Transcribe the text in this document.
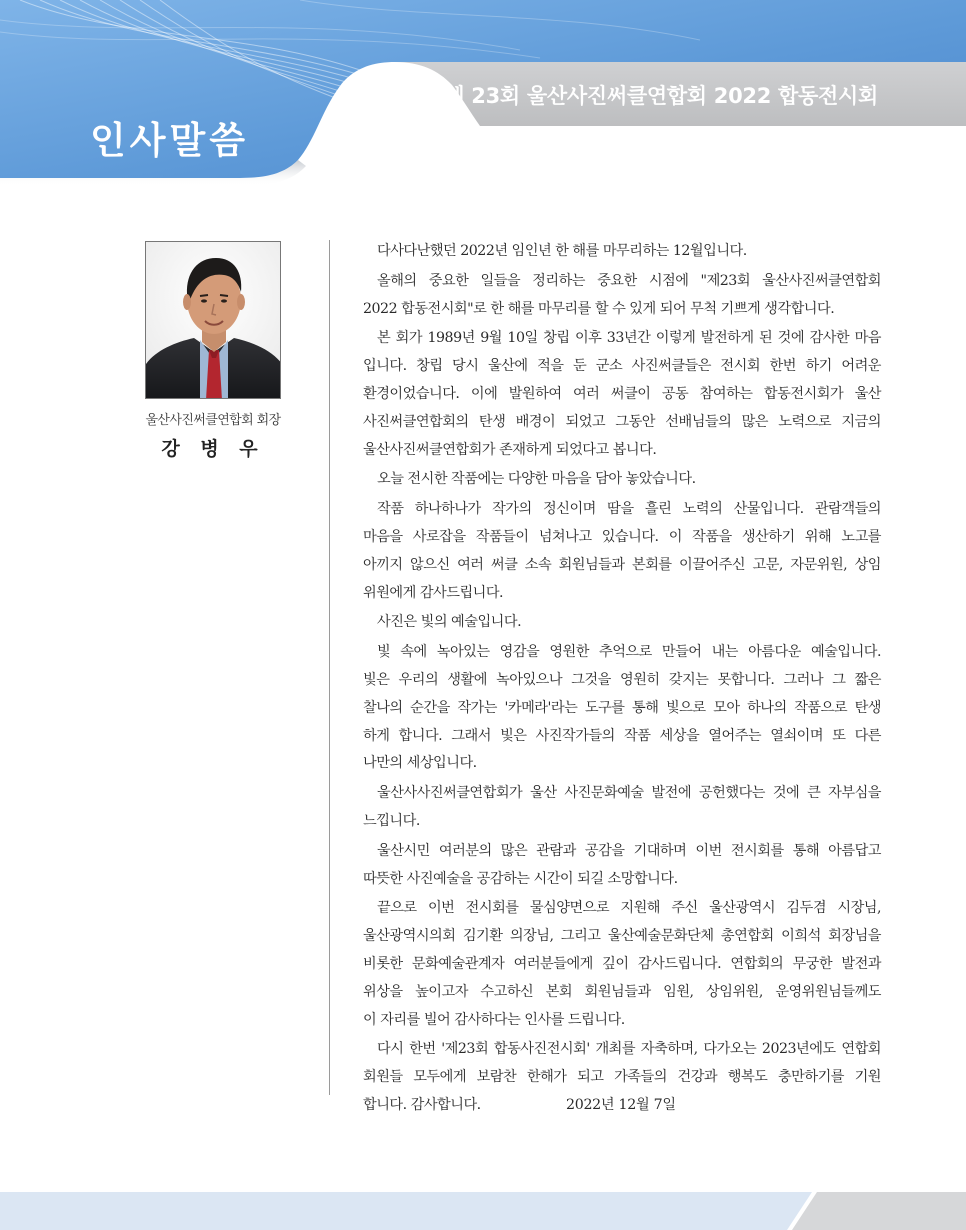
제 23회 울산사진써클연합회 2022 합동전시회
인사말씀
울산사진써클연합회 회장
강 병 우
다사다난했던 2022년 임인년 한 해를 마무리하는 12월입니다.
올해의 중요한 일들을 정리하는 중요한 시점에 "제23회 울산사진써클연합회
2022 합동전시회"로 한 해를 마무리를 할 수 있게 되어 무척 기쁘게 생각합니다.
본 회가 1989년 9월 10일 창립 이후 33년간 이렇게 발전하게 된 것에 감사한 마음
입니다. 창립 당시 울산에 적을 둔 군소 사진써클들은 전시회 한번 하기 어려운
환경이었습니다. 이에 발원하여 여러 써클이 공동 참여하는 합동전시회가 울산
사진써클연합회의 탄생 배경이 되었고 그동안 선배님들의 많은 노력으로 지금의
울산사진써클연합회가 존재하게 되었다고 봅니다.
오늘 전시한 작품에는 다양한 마음을 담아 놓았습니다.
작품 하나하나가 작가의 정신이며 땀을 흘린 노력의 산물입니다. 관람객들의
마음을 사로잡을 작품들이 넘쳐나고 있습니다. 이 작품을 생산하기 위해 노고를
아끼지 않으신 여러 써클 소속 회원님들과 본회를 이끌어주신 고문, 자문위원, 상임
위원에게 감사드립니다.
사진은 빛의 예술입니다.
빛 속에 녹아있는 영감을 영원한 추억으로 만들어 내는 아름다운 예술입니다.
빛은 우리의 생활에 녹아있으나 그것을 영원히 갖지는 못합니다. 그러나 그 짧은
찰나의 순간을 작가는 '카메라'라는 도구를 통해 빛으로 모아 하나의 작품으로 탄생
하게 합니다. 그래서 빛은 사진작가들의 작품 세상을 열어주는 열쇠이며 또 다른
나만의 세상입니다.
울산사사진써클연합회가 울산 사진문화예술 발전에 공헌했다는 것에 큰 자부심을
느낍니다.
울산시민 여러분의 많은 관람과 공감을 기대하며 이번 전시회를 통해 아름답고
따뜻한 사진예술을 공감하는 시간이 되길 소망합니다.
끝으로 이번 전시회를 물심양면으로 지원해 주신 울산광역시 김두겸 시장님,
울산광역시의회 김기환 의장님, 그리고 울산예술문화단체 총연합회 이희석 회장님을
비롯한 문화예술관계자 여러분들에게 깊이 감사드립니다. 연합회의 무궁한 발전과
위상을 높이고자 수고하신 본회 회원님들과 임원, 상임위원, 운영위원님들께도
이 자리를 빌어 감사하다는 인사를 드립니다.
다시 한번 '제23회 합동사진전시회' 개최를 자축하며, 다가오는 2023년에도 연합회
회원들 모두에게 보람찬 한해가 되고 가족들의 건강과 행복도 충만하기를 기원
합니다. 감사합니다.	2022년 12월 7일
